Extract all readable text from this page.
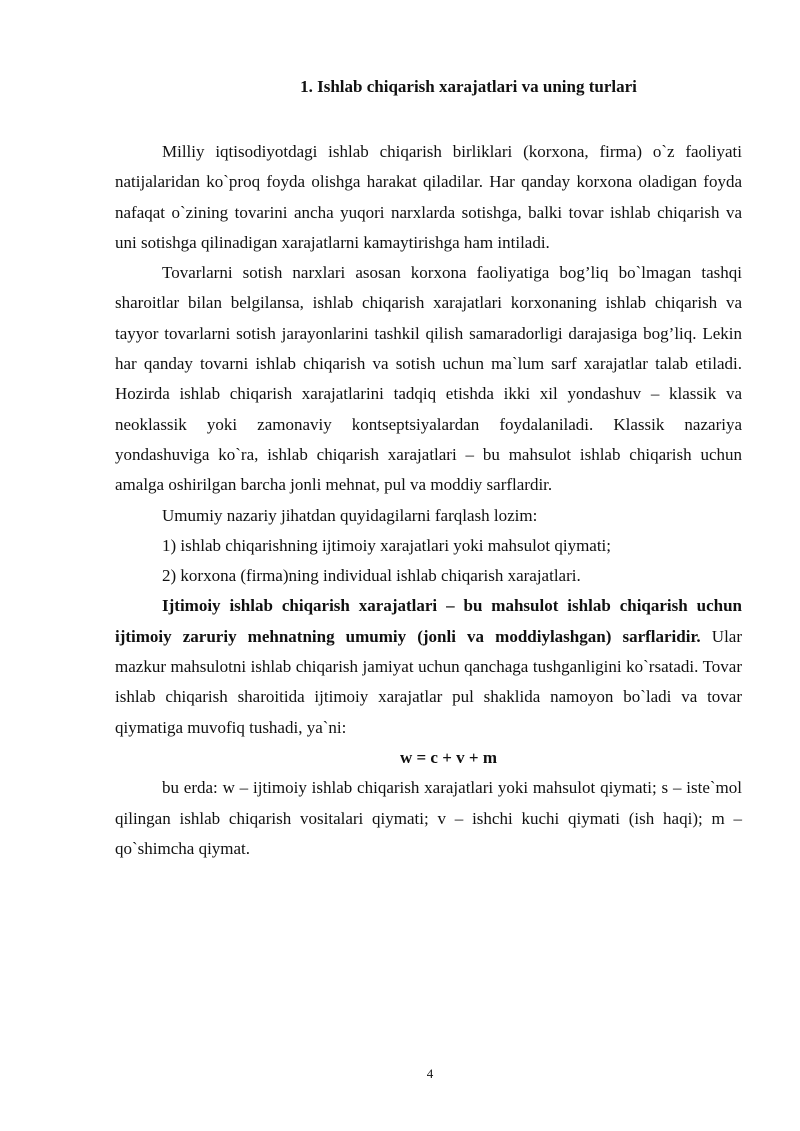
1. Ishlab chiqarish xarajatlari va uning turlari

Milliy iqtisodiyotdagi ishlab chiqarish birliklari (korxona, firma) o`z faoliyati natijalaridan ko`proq foyda olishga harakat qiladilar. Har qanday korxona oladigan foyda nafaqat o`zining tovarini ancha yuqori narxlarda sotishga, balki tovar ishlab chiqarish va uni sotishga qilinadigan xarajatlarni kamaytirishga ham intiladi.

Tovarlarni sotish narxlari asosan korxona faoliyatiga bog’liq bo`lmagan tashqi sharoitlar bilan belgilansa, ishlab chiqarish xarajatlari korxonaning ishlab chiqarish va tayyor tovarlarni sotish jarayonlarini tashkil qilish samaradorligi darajasiga bog’liq. Lekin har qanday tovarni ishlab chiqarish va sotish uchun ma`lum sarf xarajatlar talab etiladi. Hozirda ishlab chiqarish xarajatlarini tadqiq etishda ikki xil yondashuv – klassik va neoklassik yoki zamonaviy kontseptsiyalardan foydalaniladi. Klassik nazariya yondashuviga ko`ra, ishlab chiqarish xarajatlari – bu mahsulot ishlab chiqarish uchun amalga oshirilgan barcha jonli mehnat, pul va moddiy sarflardir.

Umumiy nazariy jihatdan quyidagilarni farqlash lozim:

1) ishlab chiqarishning ijtimoiy xarajatlari yoki mahsulot qiymati;

2) korxona (firma)ning individual ishlab chiqarish xarajatlari.

Ijtimoiy ishlab chiqarish xarajatlari – bu mahsulot ishlab chiqarish uchun ijtimoiy zaruriy mehnatning umumiy (jonli va moddiylashgan) sarflaridir. Ular mazkur mahsulotni ishlab chiqarish jamiyat uchun qanchaga tushganligini ko`rsatadi. Tovar ishlab chiqarish sharoitida ijtimoiy xarajatlar pul shaklida namoyon bo`ladi va tovar qiymatiga muvofiq tushadi, ya`ni:

w = c + v + m

bu erda: w – ijtimoiy ishlab chiqarish xarajatlari yoki mahsulot qiymati; s – iste`mol qilingan ishlab chiqarish vositalari qiymati; v – ishchi kuchi qiymati (ish haqi); m – qo`shimcha qiymat.

4
